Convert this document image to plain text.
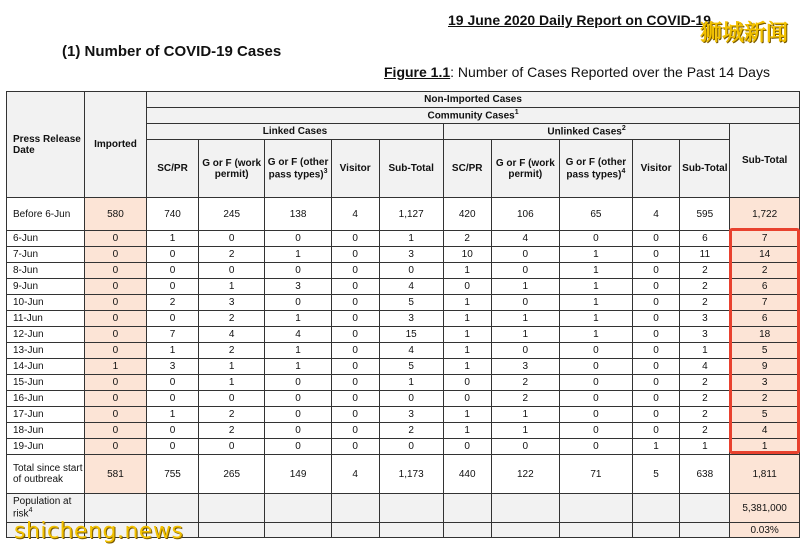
19 June 2020 Daily Report on COVID-19
狮城新闻
(1) Number of COVID-19 Cases
Figure 1.1: Number of Cases Reported over the Past 14 Days
Press Release Date	Imported	Non-Imported Cases										
		Community Cases$^1$
		Linked Cases					Unlinked Cases$^2$					Sub-Total
		SC/PR	G or F (work permit)	G or F (other pass types)$^3$	Visitor	Sub-Total	SC/PR	G or F (work permit)	G or F (other pass types)$^4$	Visitor	Sub-Total	
Before 6-Jun	580	740	245	138	4	1,127	420	106	65	4	595	1,722
6-Jun	0	1	0	0	0	1	2	4	0	0	6	7
7-Jun	0	0	2	1	0	3	10	0	1	0	11	14
8-Jun	0	0	0	0	0	0	1	0	1	0	2	2
9-Jun	0	0	1	3	0	4	0	1	1	0	2	6
10-Jun	0	2	3	0	0	5	1	0	1	0	2	7
11-Jun	0	0	2	1	0	3	1	1	1	0	3	6
12-Jun	0	7	4	4	0	15	1	1	1	0	3	18
13-Jun	0	1	2	1	0	4	1	0	0	0	1	5
14-Jun	1	3	1	1	0	5	1	3	0	0	4	9
15-Jun	0	0	1	0	0	1	0	2	0	0	2	3
16-Jun	0	0	0	0	0	0	0	2	0	0	2	2
17-Jun	0	1	2	0	0	3	1	1	0	0	2	5
18-Jun	0	0	2	0	0	2	1	1	0	0	2	4
19-Jun	0	0	0	0	0	0	0	0	0	1	1	1
Total since start of outbreak	581	755	265	149	4	1,173	440	122	71	5	638	1,811
Population at risk$^4$												5,381,000
												0.03%
shicheng.news
